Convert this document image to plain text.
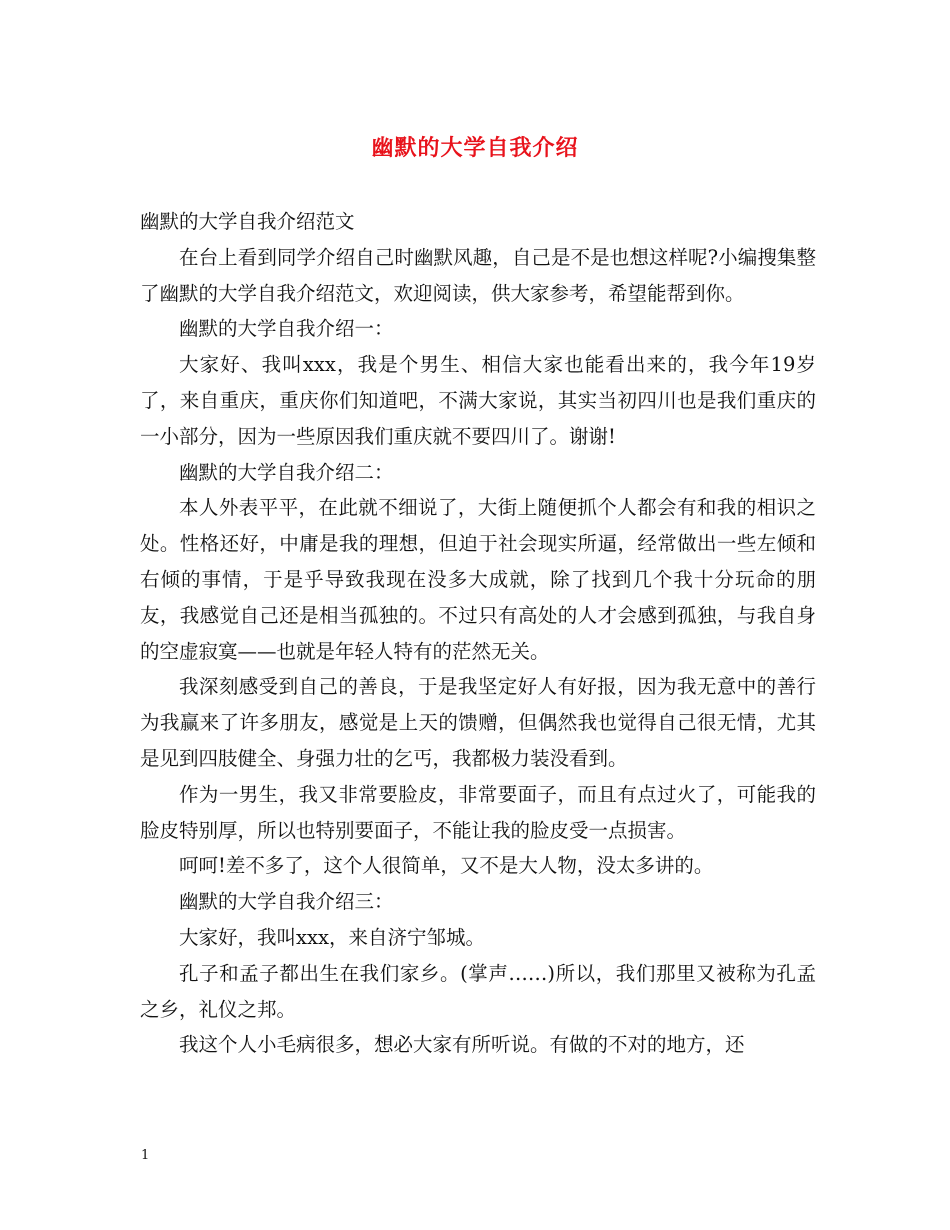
幽默的大学自我介绍

幽默的大学自我介绍范文

在台上看到同学介绍自己时幽默风趣，自己是不是也想这样呢?小编搜集整了幽默的大学自我介绍范文，欢迎阅读，供大家参考，希望能帮到你。

幽默的大学自我介绍一：

大家好、我叫xxx，我是个男生、相信大家也能看出来的，我今年19岁了，来自重庆，重庆你们知道吧，不满大家说，其实当初四川也是我们重庆的一小部分，因为一些原因我们重庆就不要四川了。谢谢!

幽默的大学自我介绍二：

本人外表平平，在此就不细说了，大街上随便抓个人都会有和我的相识之处。性格还好，中庸是我的理想，但迫于社会现实所逼，经常做出一些左倾和右倾的事情，于是乎导致我现在没多大成就，除了找到几个我十分玩命的朋友，我感觉自己还是相当孤独的。不过只有高处的人才会感到孤独，与我自身的空虚寂寞——也就是年轻人特有的茫然无关。

我深刻感受到自己的善良，于是我坚定好人有好报，因为我无意中的善行为我赢来了许多朋友，感觉是上天的馈赠，但偶然我也觉得自己很无情，尤其是见到四肢健全、身强力壮的乞丐，我都极力装没看到。

作为一男生，我又非常要脸皮，非常要面子，而且有点过火了，可能我的脸皮特别厚，所以也特别要面子，不能让我的脸皮受一点损害。

呵呵!差不多了，这个人很简单，又不是大人物，没太多讲的。

幽默的大学自我介绍三：

大家好，我叫xxx，来自济宁邹城。

孔子和孟子都出生在我们家乡。(掌声……)所以，我们那里又被称为孔孟之乡，礼仪之邦。

我这个人小毛病很多，想必大家有所听说。有做的不对的地方，还

1
